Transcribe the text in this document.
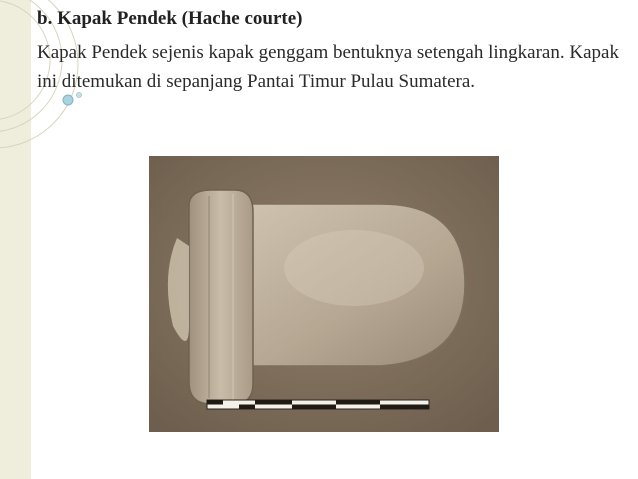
b. Kapak Pendek (Hache courte)

Kapak Pendek sejenis kapak genggam bentuknya setengah lingkaran. Kapak ini ditemukan di sepanjang Pantai Timur Pulau Sumatera.
